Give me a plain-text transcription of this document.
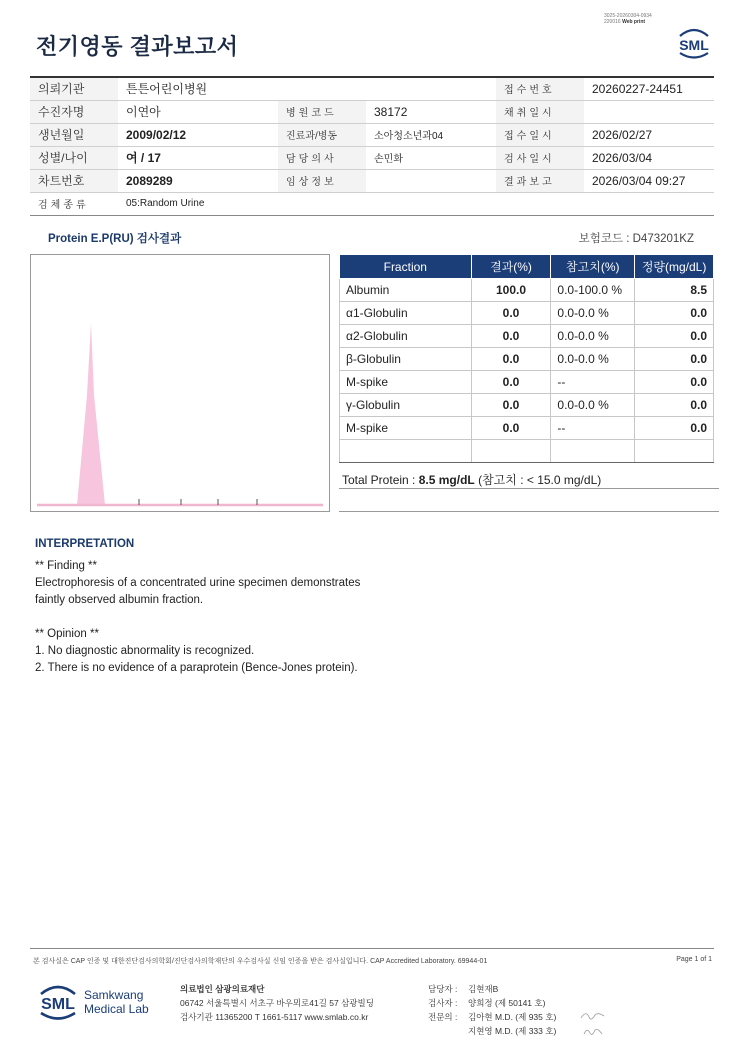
전기영동 결과보고서
3025-20260304-0934
220016 Web print
SML
의뢰기관	튼튼어린이병원			접수번호	20260227-24451
수진자명	이연아	병원코드	38172	채취일시	
생년월일	2009/02/12	진료과/병동	소아청소년과04	접수일시	2026/02/27
성별/나이	여 / 17	담당의사	손민화	검사일시	2026/03/04
차트번호	2089289	임상정보		결과보고	2026/03/04 09:27
검체종류	05:Random Urine				
Protein E.P(RU) 검사결과	보험코드 : D473201KZ
Fraction	결과(%)	참고치(%)	정량(mg/dL)
Albumin	100.0	0.0-100.0 %	8.5
α1-Globulin	0.0	0.0-0.0 %	0.0
α2-Globulin	0.0	0.0-0.0 %	0.0
β-Globulin	0.0	0.0-0.0 %	0.0
M-spike	0.0	--	0.0
γ-Globulin	0.0	0.0-0.0 %	0.0
M-spike	0.0	--	0.0

Total Protein : 8.5 mg/dL (참고치 : < 15.0 mg/dL)
INTERPRETATION
** Finding **
Electrophoresis of a concentrated urine specimen demonstrates
faintly observed albumin fraction.
** Opinion **
1. No diagnostic abnormality is recognized.
2. There is no evidence of a paraprotein (Bence-Jones protein).
본 검사실은 CAP 인증 및 대한진단검사의학회/진단검사의학재단의 우수검사실 신임 인증을 받은 검사실입니다. CAP Accredited Laboratory. 69944-01	Page 1 of 1
SML
Samkwang
Medical Lab
의료법인 삼광의료재단
06742 서울특별시 서초구 바우뫼로41길 57 삼광빌딩
검사기관 11365200 T 1661-5117 www.smlab.co.kr
담당자 :	김현재B
검사자 :	양희정 (제 50141 호)
전문의 :	김아현 M.D. (제 935 호)
지현영 M.D. (제 333 호)
